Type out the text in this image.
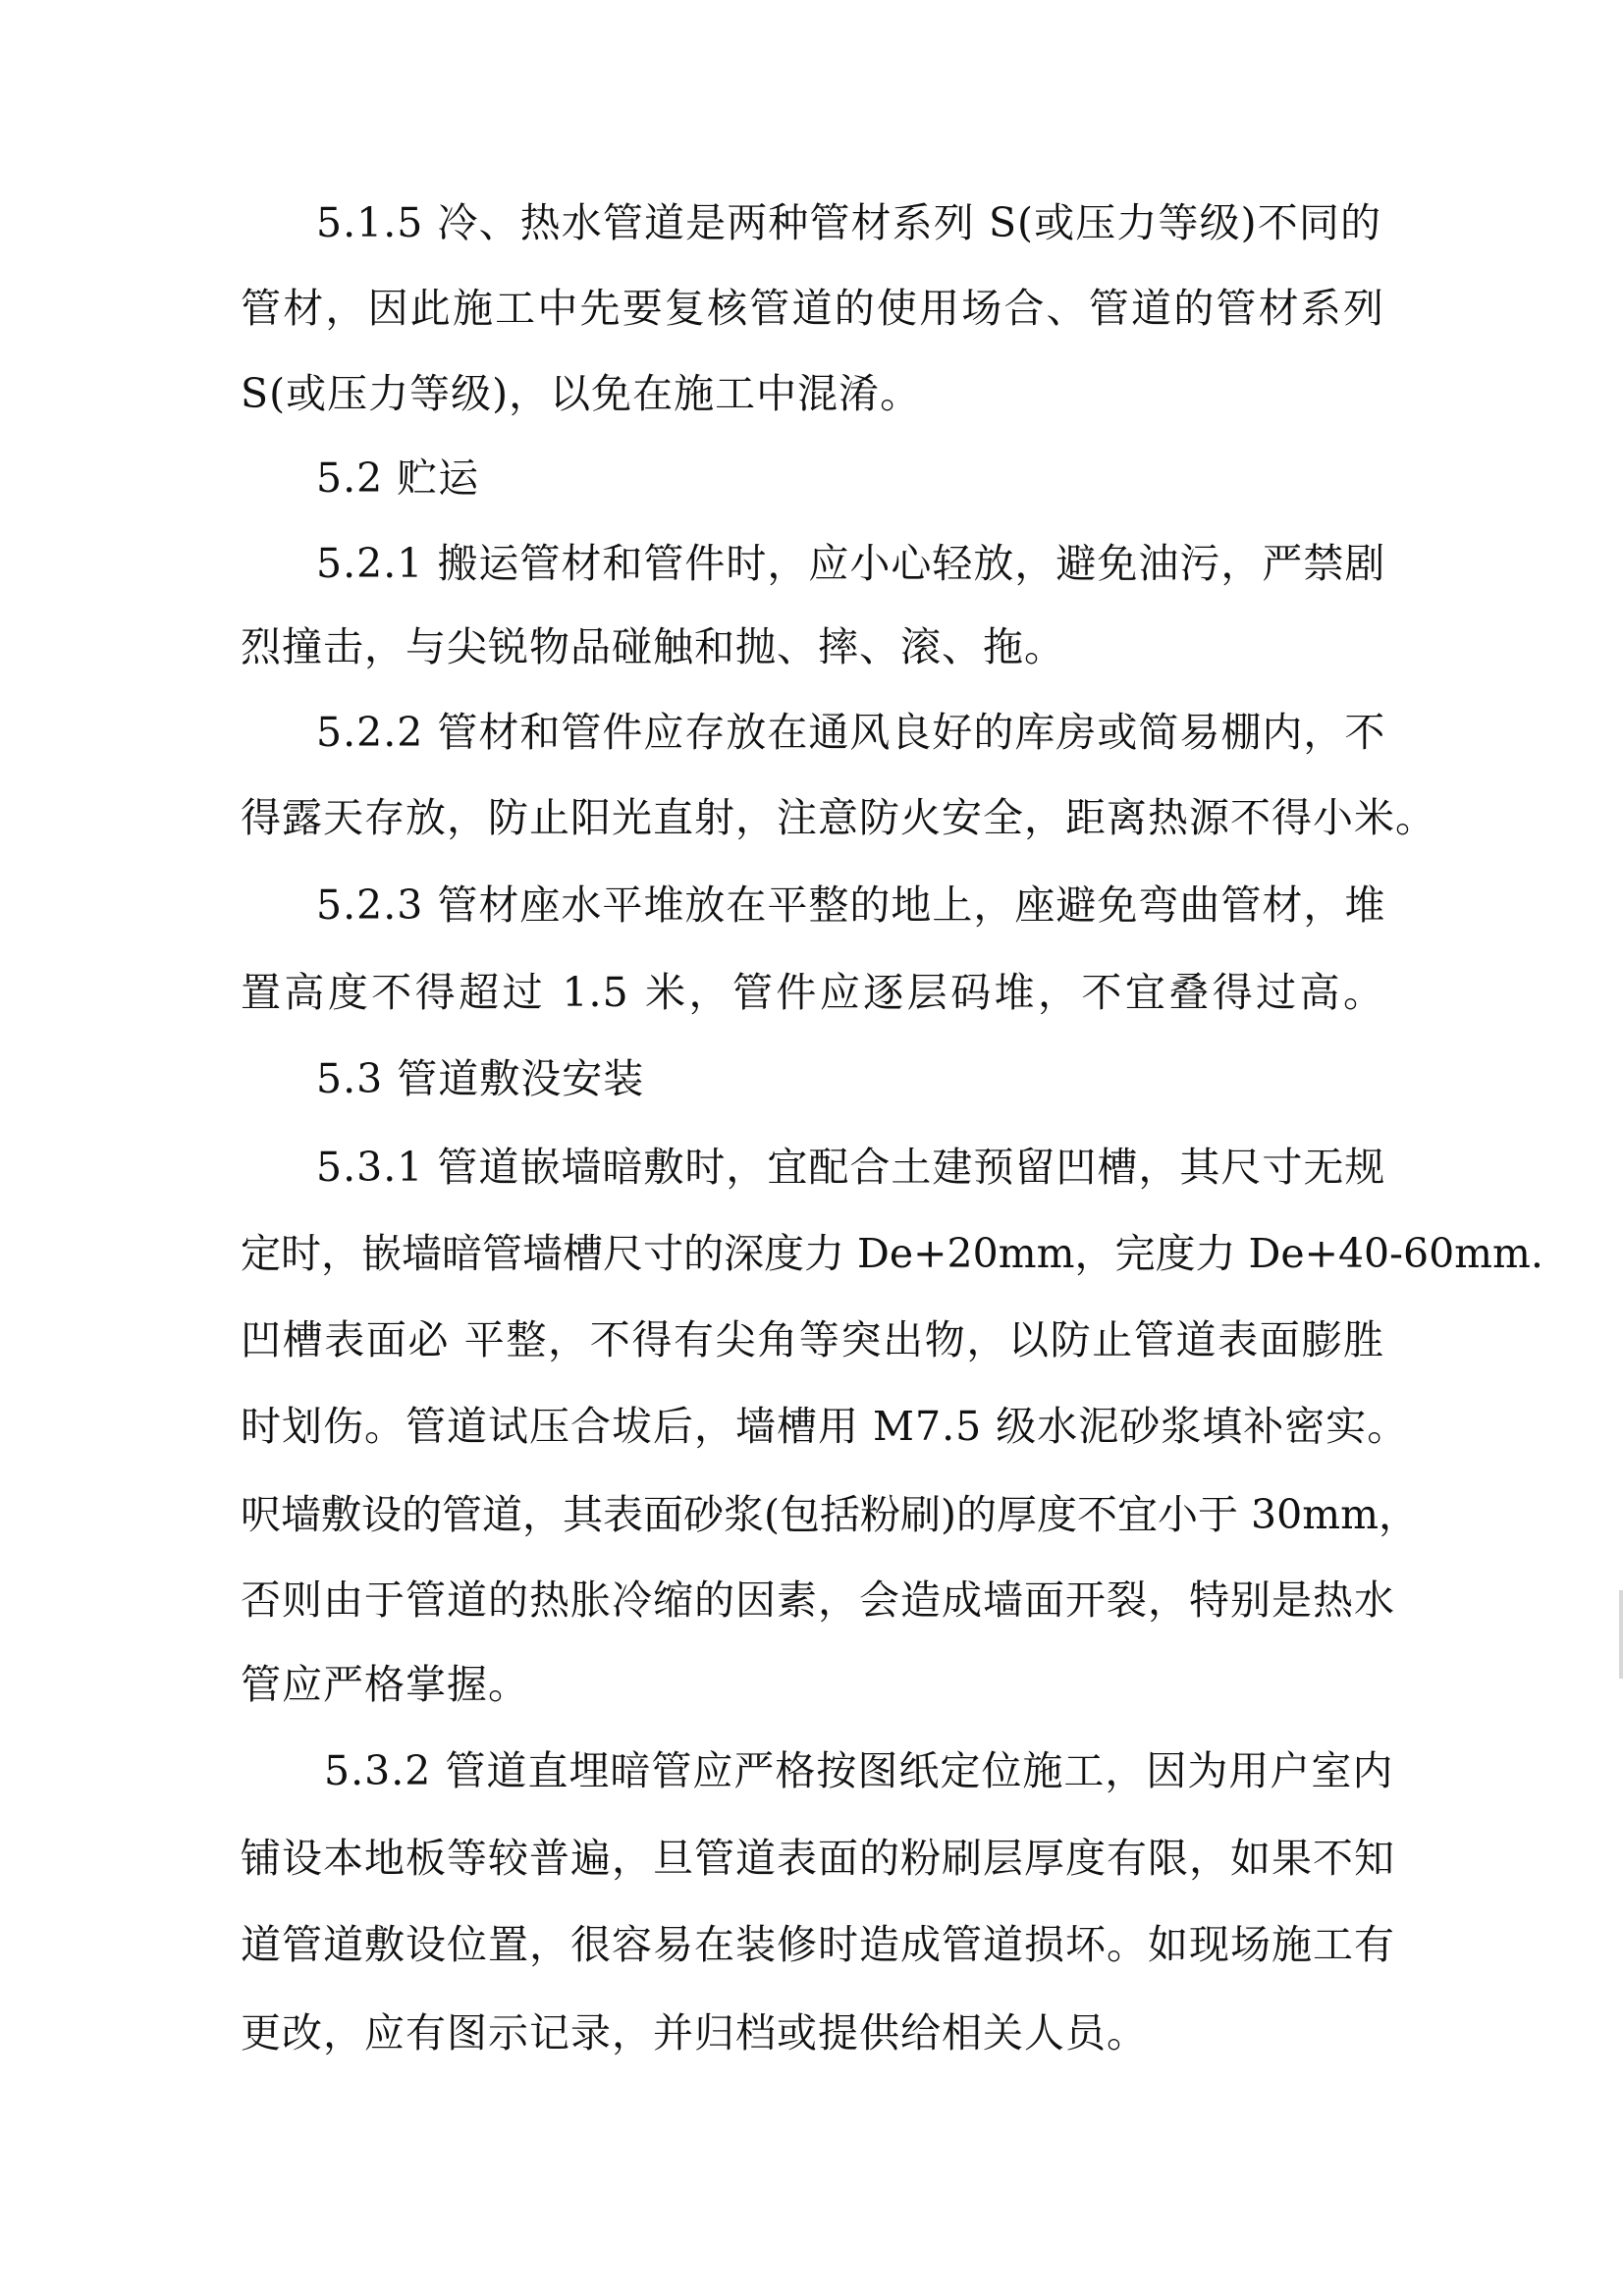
5.1.5 冷、热水管道是两种管材系列 S(或压力等级)不同的
管材，因此施工中先要复核管道的使用场合、管道的管材系列
S(或压力等级)，以免在施工中混淆。
5.2 贮运
5.2.1 搬运管材和管件时，应小心轻放，避免油污，严禁剧
烈撞击，与尖锐物品碰触和抛、摔、滚、拖。
5.2.2 管材和管件应存放在通风良好的库房或简易棚内，不
得露天存放，防止阳光直射，注意防火安全，距离热源不得小米。
5.2.3 管材座水平堆放在平整的地上，座避免弯曲管材，堆
置高度不得超过 1.5 米，管件应逐层码堆，不宜叠得过高。
5.3 管道敷没安装
5.3.1 管道嵌墙暗敷时，宜配合土建预留凹槽，其尺寸无规
定时，嵌墙暗管墙槽尺寸的深度力 De+20mm，完度力 De+40-60mm.
凹槽表面必 平整，不得有尖角等突出物，以防止管道表面膨胜
时划伤。管道试压合坺后，墙槽用 M7.5 级水泥砂浆填补密实。
呎墙敷设的管道，其表面砂浆(包括粉刷)的厚度不宜小于 30mm，
否则由于管道的热胀冷缩的因素，会造成墙面开裂，特别是热水
管应严格掌握。
5.3.2 管道直埋暗管应严格按图纸定位施工，因为用户室内
铺设本地板等较普遍，旦管道表面的粉刷层厚度有限，如果不知
道管道敷设位置，很容易在装修时造成管道损坏。如现场施工有
更改，应有图示记录，并归档或提供给相关人员。
